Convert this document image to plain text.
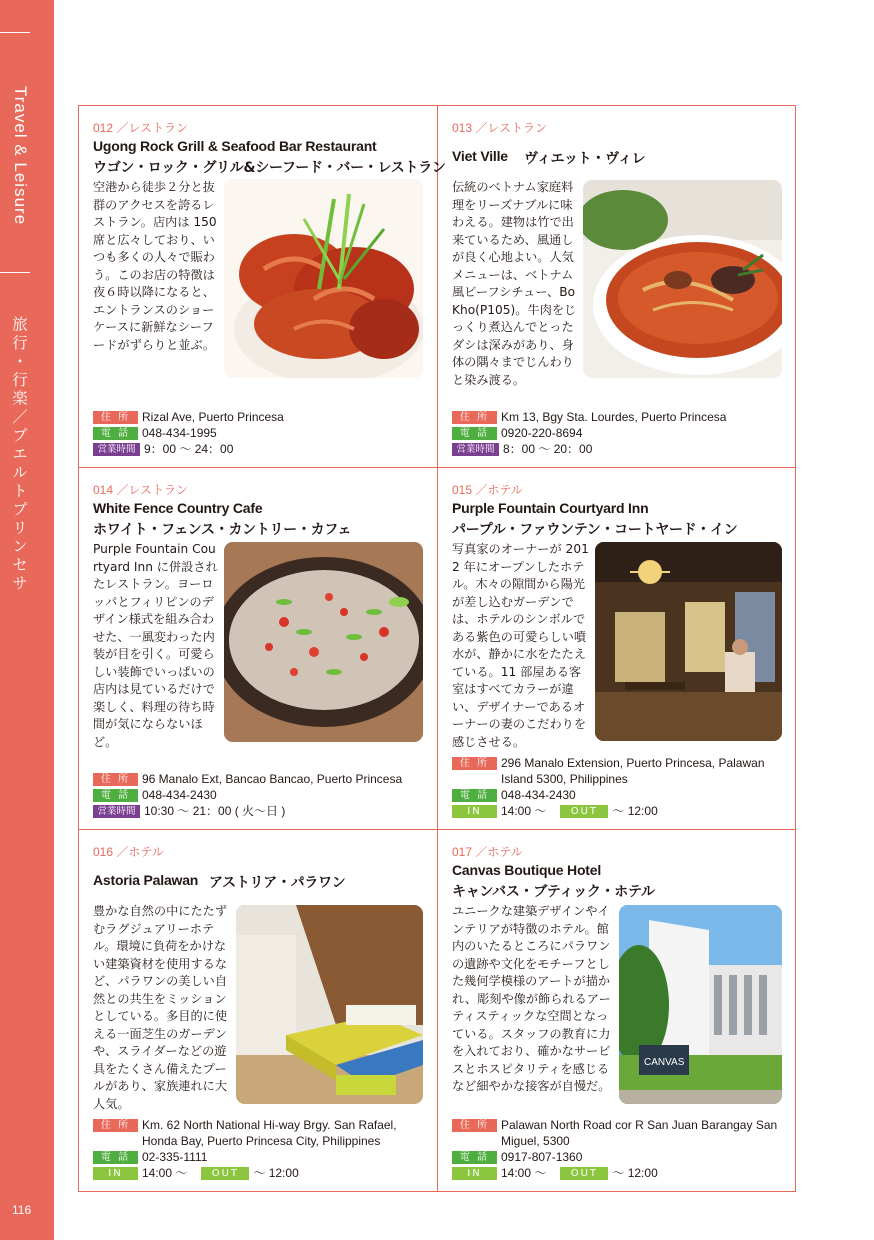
Travel & Leisure
旅行・行楽／プエルトプリンセサ
116
012 ／レストラン
Ugong Rock Grill & Seafood Bar Restaurant
ウゴン・ロック・グリル&シーフード・バー・レストラン
空港から徒歩２分と抜群のアクセスを誇るレストラン。店内は 150 席と広々しており、いつも多くの人々で賑わう。このお店の特徴は夜６時以降になると、エントランスのショーケースに新鮮なシーフードがずらりと並ぶ。
住 所 Rizal Ave, Puerto Princesa
電 話 048-434-1995
営業時間 9：00 ～ 24：00
013 ／レストラン
Viet Ville ヴィエット・ヴィレ
伝統のベトナム家庭料理をリーズナブルに味わえる。建物は竹で出来ているため、風通しが良く心地よい。人気メニューは、ベトナム風ビーフシチュー、Bo Kho(P105)。牛肉をじっくり煮込んでとったダシは深みがあり、身体の隅々までじんわりと染み渡る。
住 所 Km 13, Bgy Sta. Lourdes, Puerto Princesa
電 話 0920-220-8694
営業時間 8：00 ～ 20：00
014 ／レストラン
White Fence Country Cafe
ホワイト・フェンス・カントリー・カフェ
Purple Fountain Courtyard Inn に併設されたレストラン。ヨーロッパとフィリピンのデザイン様式を組み合わせた、一風変わった内装が目を引く。可愛らしい装飾でいっぱいの店内は見ているだけで楽しく、料理の待ち時間が気にならないほど。
住 所 96 Manalo Ext, Bancao Bancao, Puerto Princesa
電 話 048-434-2430
営業時間 10:30 ～ 21：00 ( 火～日 )
015 ／ホテル
Purple Fountain Courtyard Inn
パープル・ファウンテン・コートヤード・イン
写真家のオーナーが 2012 年にオープンしたホテル。木々の隙間から陽光が差し込むガーデンでは、ホテルのシンボルである紫色の可愛らしい噴水が、静かに水をたたえている。11 部屋ある客室はすべてカラーが違い、デザイナーであるオーナーの妻のこだわりを感じさせる。
住 所 296 Manalo Extension, Puerto Princesa, Palawan
Island 5300, Philippines
電 話 048-434-2430
IN 14:00 ～ OUT ～ 12:00
016 ／ホテル
Astoria Palawan アストリア・パラワン
豊かな自然の中にたたずむラグジュアリーホテル。環境に負荷をかけない建築資材を使用するなど、パラワンの美しい自然との共生をミッションとしている。多目的に使える一面芝生のガーデンや、スライダーなどの遊具をたくさん備えたプールがあり、家族連れに大人気。
住 所 Km. 62 North National Hi-way Brgy. San Rafael,
Honda Bay, Puerto Princesa City, Philippines
電 話 02-335-1111
IN 14:00 ～ OUT ～ 12:00
017 ／ホテル
Canvas Boutique Hotel
キャンバス・ブティック・ホテル
ユニークな建築デザインやインテリアが特徴のホテル。館内のいたるところにパラワンの遺跡や文化をモチーフとした幾何学模様のアートが描かれ、彫刻や像が飾られるアーティスティックな空間となっている。スタッフの教育に力を入れており、確かなサービスとホスピタリティを感じるなど細やかな接客が自慢だ。
CANVAS
住 所 Palawan North Road cor R San Juan Barangay San
Miguel, 5300
電 話 0917-807-1360
IN 14:00 ～ OUT ～ 12:00
